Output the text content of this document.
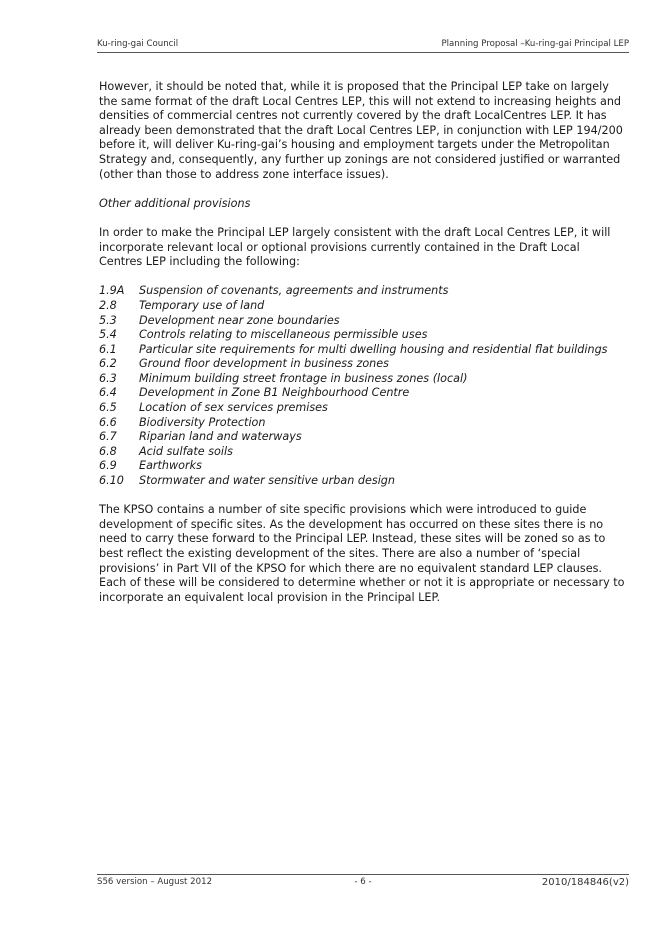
Ku-ring-gai Council	Planning Proposal –Ku-ring-gai Principal LEP

However, it should be noted that, while it is proposed that the Principal LEP take on largely the same format of the draft Local Centres LEP, this will not extend to increasing heights and densities of commercial centres not currently covered by the draft LocalCentres LEP. It has already been demonstrated that the draft Local Centres LEP, in conjunction with LEP 194/200 before it, will deliver Ku-ring-gai’s housing and employment targets under the Metropolitan Strategy and, consequently, any further up zonings are not considered justified or warranted (other than those to address zone interface issues).

Other additional provisions

In order to make the Principal LEP largely consistent with the draft Local Centres LEP, it will incorporate relevant local or optional provisions currently contained in the Draft Local Centres LEP including the following:

1.9A	Suspension of covenants, agreements and instruments
2.8	Temporary use of land
5.3	Development near zone boundaries
5.4	Controls relating to miscellaneous permissible uses
6.1	Particular site requirements for multi dwelling housing and residential flat buildings
6.2	Ground floor development in business zones
6.3	Minimum building street frontage in business zones (local)
6.4	Development in Zone B1 Neighbourhood Centre
6.5	Location of sex services premises
6.6	Biodiversity Protection
6.7	Riparian land and waterways
6.8	Acid sulfate soils
6.9	Earthworks
6.10	Stormwater and water sensitive urban design

The KPSO contains a number of site specific provisions which were introduced to guide development of specific sites. As the development has occurred on these sites there is no need to carry these forward to the Principal LEP. Instead, these sites will be zoned so as to best reflect the existing development of the sites. There are also a number of ‘special provisions’ in Part VII of the KPSO for which there are no equivalent standard LEP clauses. Each of these will be considered to determine whether or not it is appropriate or necessary to incorporate an equivalent local provision in the Principal LEP.

S56 version – August 2012	- 6 -	2010/184846(v2)
